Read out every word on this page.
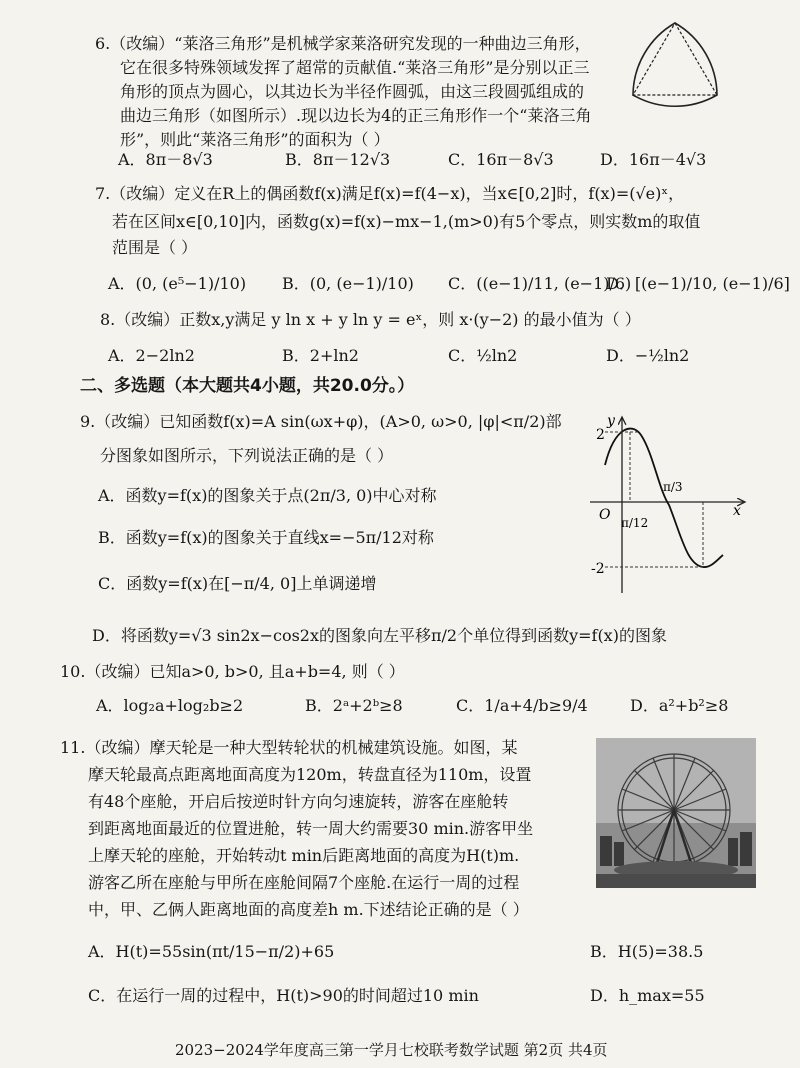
6.（改编）“莱洛三角形”是机械学家莱洛研究发现的一种曲边三角形，
它在很多特殊领域发挥了超常的贡献值.“莱洛三角形”是分别以正三
角形的顶点为圆心，以其边长为半径作圆弧，由这三段圆弧组成的
曲边三角形（如图所示）.现以边长为4的正三角形作一个“莱洛三角
形”，则此“莱洛三角形”的面积为（ ）
A．8π－8√3	B．8π－12√3	C．16π－8√3	D．16π－4√3
7.（改编）定义在R上的偶函数f(x)满足f(x)=f(4−x)，当x∈[0,2]时，f(x)=(√e)ˣ，
若在区间x∈[0,10]内，函数g(x)=f(x)−mx−1,(m>0)有5个零点，则实数m的取值
范围是（ ）
A．(0, (e⁵−1)/10) B．(0, (e−1)/10) C．((e−1)/11, (e−1)/6)
D．[(e−1)/10, (e−1)/6]
8.（改编）正数x,y满足 y ln x + y ln y = eˣ，则 x·(y−2) 的最小值为（ ）
A．2−2ln2	B．2+ln2	C．½ln2	D．−½ln2
二、多选题（本大题共4小题，共20.0分。）
9.（改编）已知函数f(x)=A sin(ωx+φ)，(A>0, ω>0, |φ|<π/2)部
分图象如图所示，下列说法正确的是（ ）
A．函数y=f(x)的图象关于点(2π/3, 0)中心对称
B．函数y=f(x)的图象关于直线x=−5π/12对称
C．函数y=f(x)在[−π/4, 0]上单调递增
D．将函数y=√3 sin2x−cos2x的图象向左平移π/2个单位得到函数y=f(x)的图象
y
x
O
2
-2
π/12
π/3
10.（改编）已知a>0, b>0, 且a+b=4, 则（ ）
A．log₂a+log₂b≥2	B．2ᵃ+2ᵇ≥8	C．1/a+4/b≥9/4	D．a²+b²≥8
11.（改编）摩天轮是一种大型转轮状的机械建筑设施。如图，某
摩天轮最高点距离地面高度为120m，转盘直径为110m，设置
有48个座舱，开启后按逆时针方向匀速旋转，游客在座舱转
到距离地面最近的位置进舱，转一周大约需要30 min.游客甲坐
上摩天轮的座舱，开始转动t min后距离地面的高度为H(t)m.
游客乙所在座舱与甲所在座舱间隔7个座舱.在运行一周的过程
中，甲、乙俩人距离地面的高度差h m.下述结论正确的是（ ）
A．H(t)=55sin(πt/15−π/2)+65	B．H(5)=38.5
C．在运行一周的过程中，H(t)>90的时间超过10 min	D．h_max=55
2023−2024学年度高三第一学月七校联考数学试题 第2页 共4页
